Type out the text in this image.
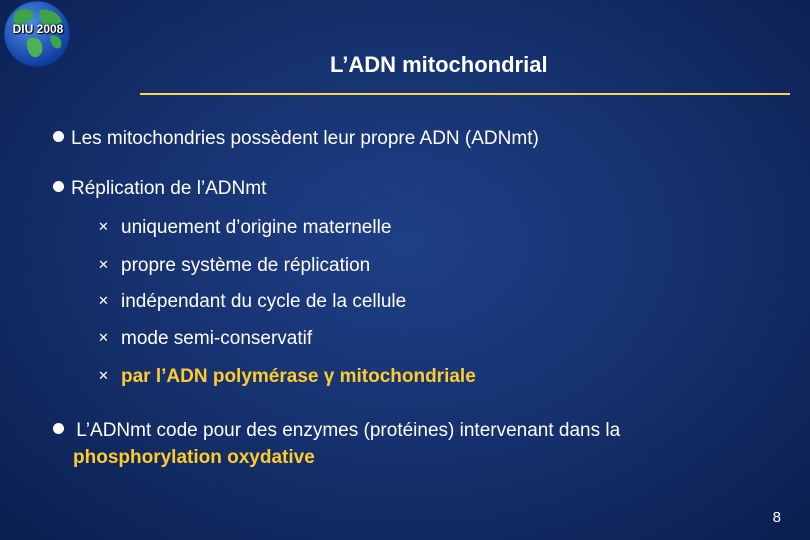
DIU 2008
L’ADN mitochondrial
Les mitochondries possèdent leur propre ADN (ADNmt)
Réplication de l’ADNmt
✕ uniquement d’origine maternelle
✕ propre système de réplication
✕ indépendant du cycle de la cellule
✕ mode semi-conservatif
✕ par l’ADN polymérase γ mitochondriale
L’ADNmt code pour des enzymes (protéines) intervenant dans la
phosphorylation oxydative
8
